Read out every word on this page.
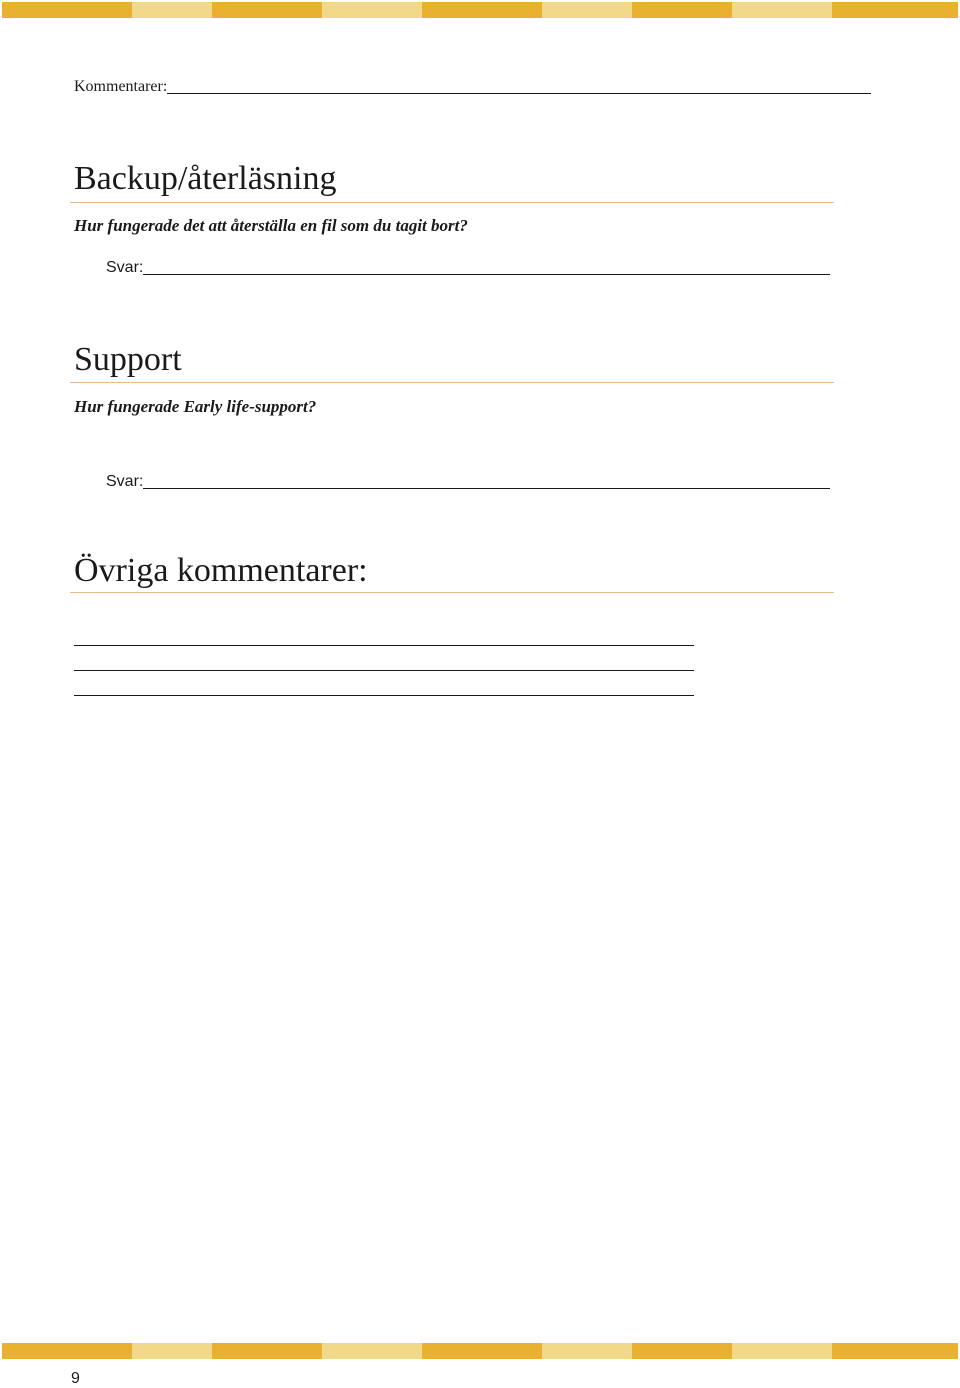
Kommentarer:
Backup/återläsning
Hur fungerade det att återställa en fil som du tagit bort?
Svar:
Support
Hur fungerade Early life-support?
Svar:
Övriga kommentarer:
9
